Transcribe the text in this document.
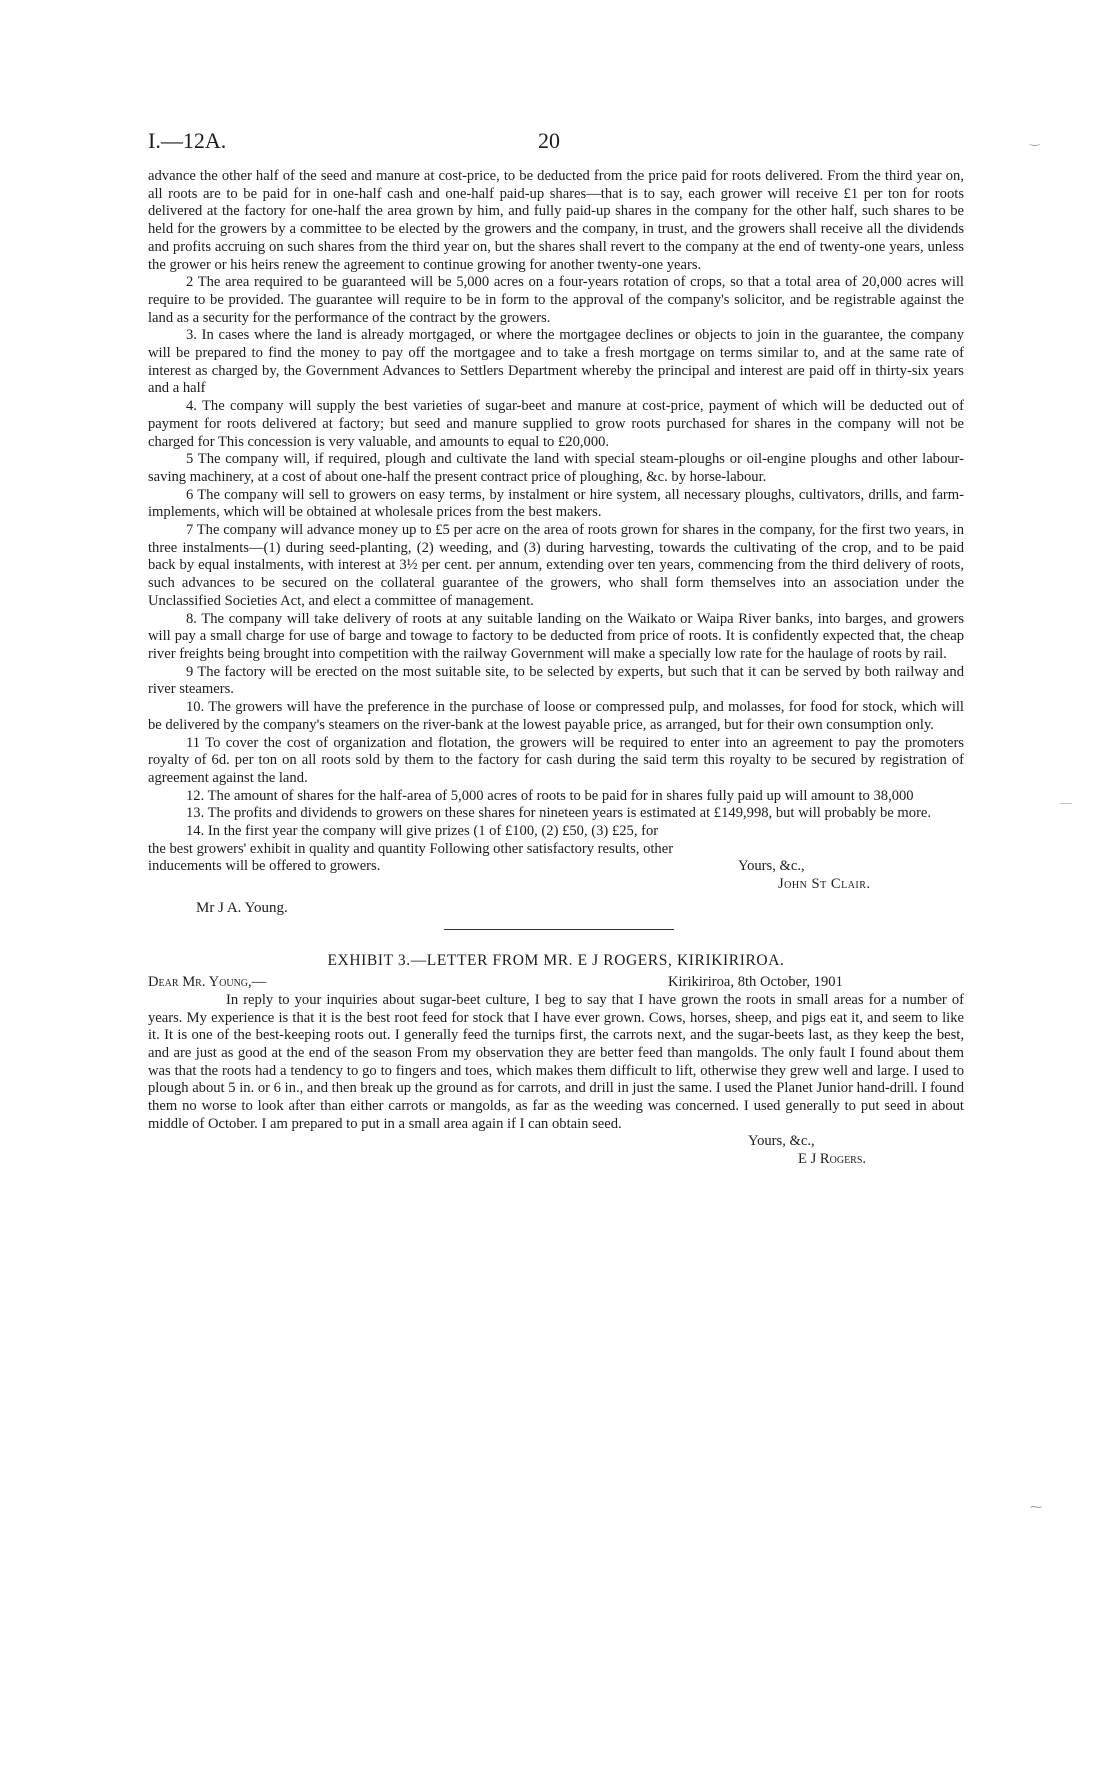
I.—12A.	20

advance the other half of the seed and manure at cost-price, to be deducted from the price paid for roots delivered. From the third year on, all roots are to be paid for in one-half cash and one-half paid-up shares—that is to say, each grower will receive £1 per ton for roots delivered at the factory for one-half the area grown by him, and fully paid-up shares in the company for the other half, such shares to be held for the growers by a committee to be elected by the growers and the company, in trust, and the growers shall receive all the dividends and profits accruing on such shares from the third year on, but the shares shall revert to the company at the end of twenty-one years, unless the grower or his heirs renew the agreement to continue growing for another twenty-one years.

2 The area required to be guaranteed will be 5,000 acres on a four-years rotation of crops, so that a total area of 20,000 acres will require to be provided. The guarantee will require to be in form to the approval of the company's solicitor, and be registrable against the land as a security for the performance of the contract by the growers.

3. In cases where the land is already mortgaged, or where the mortgagee declines or objects to join in the guarantee, the company will be prepared to find the money to pay off the mortgagee and to take a fresh mortgage on terms similar to, and at the same rate of interest as charged by, the Government Advances to Settlers Department whereby the principal and interest are paid off in thirty-six years and a half

4. The company will supply the best varieties of sugar-beet and manure at cost-price, payment of which will be deducted out of payment for roots delivered at factory; but seed and manure supplied to grow roots purchased for shares in the company will not be charged for This concession is very valuable, and amounts to equal to £20,000.

5 The company will, if required, plough and cultivate the land with special steam-ploughs or oil-engine ploughs and other labour-saving machinery, at a cost of about one-half the present contract price of ploughing, &c. by horse-labour.

6 The company will sell to growers on easy terms, by instalment or hire system, all necessary ploughs, cultivators, drills, and farm-implements, which will be obtained at wholesale prices from the best makers.

7 The company will advance money up to £5 per acre on the area of roots grown for shares in the company, for the first two years, in three instalments—(1) during seed-planting, (2) weeding, and (3) during harvesting, towards the cultivating of the crop, and to be paid back by equal instalments, with interest at 3½ per cent. per annum, extending over ten years, commencing from the third delivery of roots, such advances to be secured on the collateral guarantee of the growers, who shall form themselves into an association under the Unclassified Societies Act, and elect a committee of management.

8. The company will take delivery of roots at any suitable landing on the Waikato or Waipa River banks, into barges, and growers will pay a small charge for use of barge and towage to factory to be deducted from price of roots. It is confidently expected that, the cheap river freights being brought into competition with the railway Government will make a specially low rate for the haulage of roots by rail.

9 The factory will be erected on the most suitable site, to be selected by experts, but such that it can be served by both railway and river steamers.

10. The growers will have the preference in the purchase of loose or compressed pulp, and molasses, for food for stock, which will be delivered by the company's steamers on the river-bank at the lowest payable price, as arranged, but for their own consumption only.

11 To cover the cost of organization and flotation, the growers will be required to enter into an agreement to pay the promoters royalty of 6d. per ton on all roots sold by them to the factory for cash during the said term this royalty to be secured by registration of agreement against the land.

12. The amount of shares for the half-area of 5,000 acres of roots to be paid for in shares fully paid up will amount to 38,000

13. The profits and dividends to growers on these shares for nineteen years is estimated at £149,998, but will probably be more.

14. In the first year the company will give prizes (1 of £100, (2) £50, (3) £25, for

the best growers' exhibit in quality and quantity Following other satisfactory results, other

inducements will be offered to growers.	Yours, &c.,
John St Clair.
Mr J A. Young.
EXHIBIT 3.—LETTER FROM MR. E J ROGERS, KIRIKIRIROA.
Dear Mr. Young,—	Kirikiriroa, 8th October, 1901

In reply to your inquiries about sugar-beet culture, I beg to say that I have grown the roots in small areas for a number of years. My experience is that it is the best root feed for stock that I have ever grown. Cows, horses, sheep, and pigs eat it, and seem to like it. It is one of the best-keeping roots out. I generally feed the turnips first, the carrots next, and the sugar-beets last, as they keep the best, and are just as good at the end of the season From my observation they are better feed than mangolds. The only fault I found about them was that the roots had a tendency to go to fingers and toes, which makes them difficult to lift, otherwise they grew well and large. I used to plough about 5 in. or 6 in., and then break up the ground as for carrots, and drill in just the same. I used the Planet Junior hand-drill. I found them no worse to look after than either carrots or mangolds, as far as the weeding was concerned. I used generally to put seed in about middle of October. I am prepared to put in a small area again if I can obtain seed.

Yours, &c.,
E J Rogers.
‿
—
⁓
